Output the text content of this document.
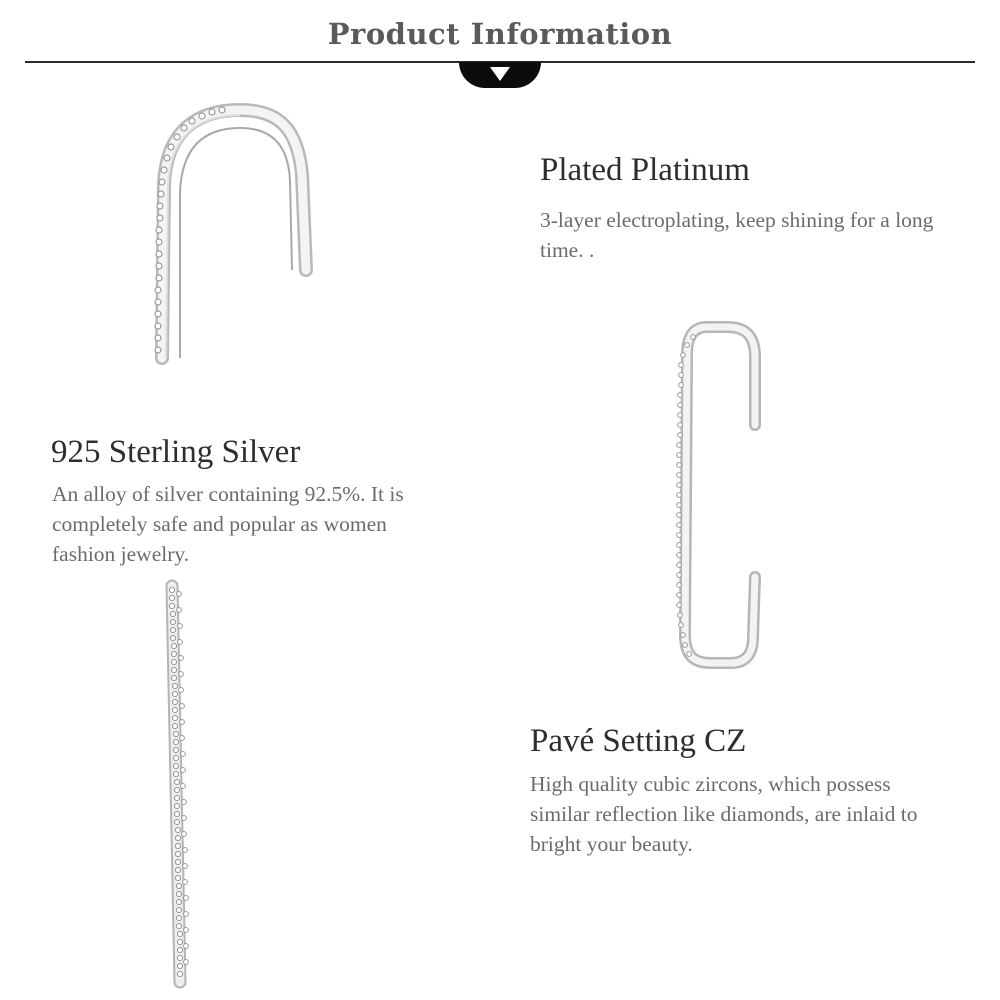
Product Information
Plated Platinum
3-layer electroplating, keep shining for a long time. .
925 Sterling Silver
An alloy of silver containing 92.5%. It is completely safe and popular as women fashion jewelry.
Pavé Setting CZ
High quality cubic zircons, which possess similar reflection like diamonds, are inlaid to bright your beauty.
